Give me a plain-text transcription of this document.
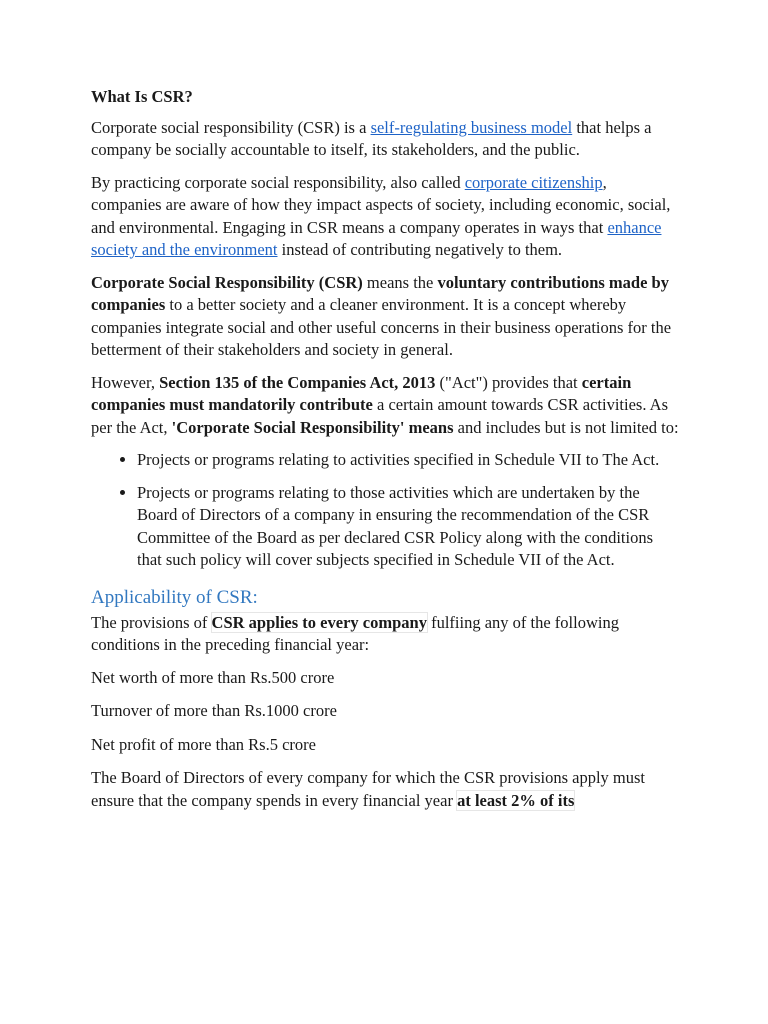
What Is CSR?

Corporate social responsibility (CSR) is a self-regulating business model that helps a company be socially accountable to itself, its stakeholders, and the public.

By practicing corporate social responsibility, also called corporate citizenship, companies are aware of how they impact aspects of society, including economic, social, and environmental. Engaging in CSR means a company operates in ways that enhance society and the environment instead of contributing negatively to them.

Corporate Social Responsibility (CSR) means the voluntary contributions made by companies to a better society and a cleaner environment. It is a concept whereby companies integrate social and other useful concerns in their business operations for the betterment of their stakeholders and society in general.

However, Section 135 of the Companies Act, 2013 ("Act") provides that certain companies must mandatorily contribute a certain amount towards CSR activities. As per the Act, 'Corporate Social Responsibility' means and includes but is not limited to:

• Projects or programs relating to activities specified in Schedule VII to The Act.
• Projects or programs relating to those activities which are undertaken by the Board of Directors of a company in ensuring the recommendation of the CSR Committee of the Board as per declared CSR Policy along with the conditions that such policy will cover subjects specified in Schedule VII of the Act.
Applicability of CSR:

The provisions of CSR applies to every company fulfiing any of the following conditions in the preceding financial year:

Net worth of more than Rs.500 crore

Turnover of more than Rs.1000 crore

Net profit of more than Rs.5 crore

The Board of Directors of every company for which the CSR provisions apply must ensure that the company spends in every financial year at least 2% of its
